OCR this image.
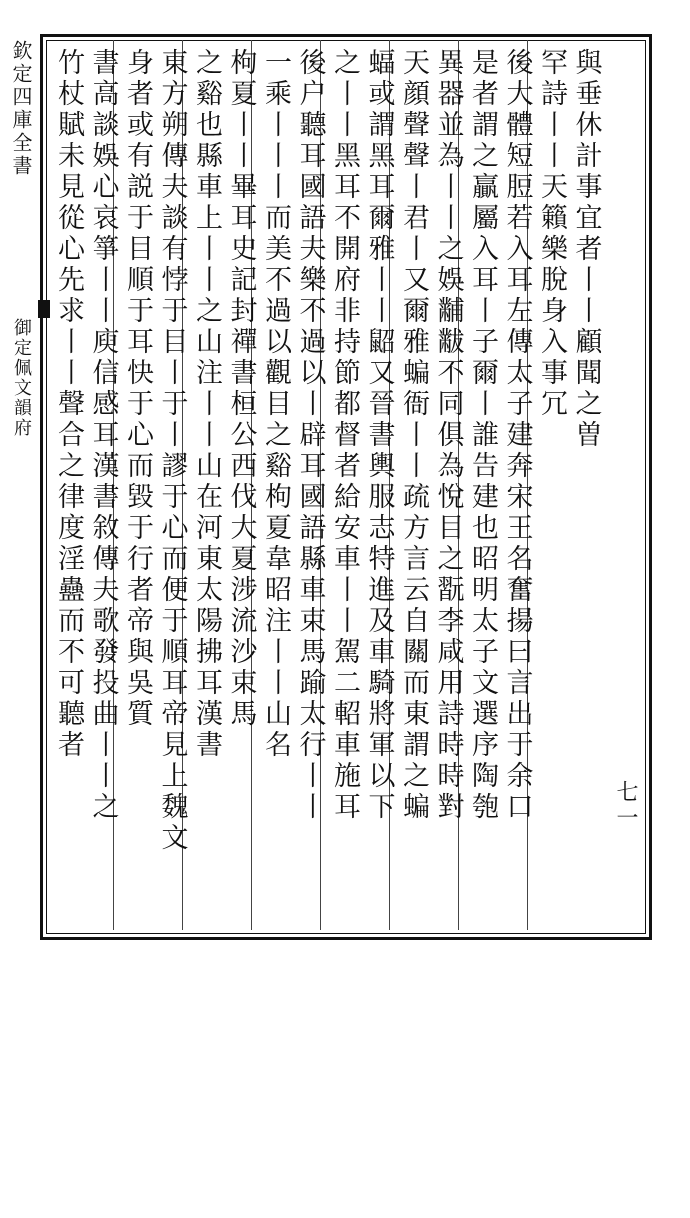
欽定四庫全書
御定佩文韻府
七一
與垂休計事宜者丨丨顧聞之曽
罕詩丨丨天籟樂脫身入事冗
後大體短脰若入耳左傳太子建奔宋王名奮揚曰言出于余口
是者謂之贏屬入耳丨子爾丨誰告建也昭明太子文選序陶匏
異器並為丨丨之娛黼黻不同俱為悅目之翫李咸用詩時時對
天顔聲聲丨君丨又爾雅蝙衙丨丨疏方言云自關而東謂之蝙
蝠或謂黑耳爾雅丨丨鼦又晉書輿服志特進及車騎將軍以下
之丨丨黑耳不開府非持節都督者給安車丨丨駕二軺車施耳
後户聽耳國語夫樂不過以丨辟耳國語縣車束馬踰太行丨丨
一乘丨丨丨而美不過以觀目之谿枸夏韋昭注丨丨山名
枸夏丨丨畢耳史記封禪書桓公西伐大夏涉流沙束馬
之谿也縣車上丨丨之山注丨丨山在河東太陽拂耳漢書
東方朔傳夫談有悖于目丨于丨謬于心而便于順耳帝見上魏文
身者或有説于目順于耳快于心而毀于行者帝與吳質
書高談娛心哀箏丨丨庾信感耳漢書敘傳夫歌發投曲丨丨之
竹杖賦未見從心先求丨丨聲合之律度淫蠱而不可聽者
